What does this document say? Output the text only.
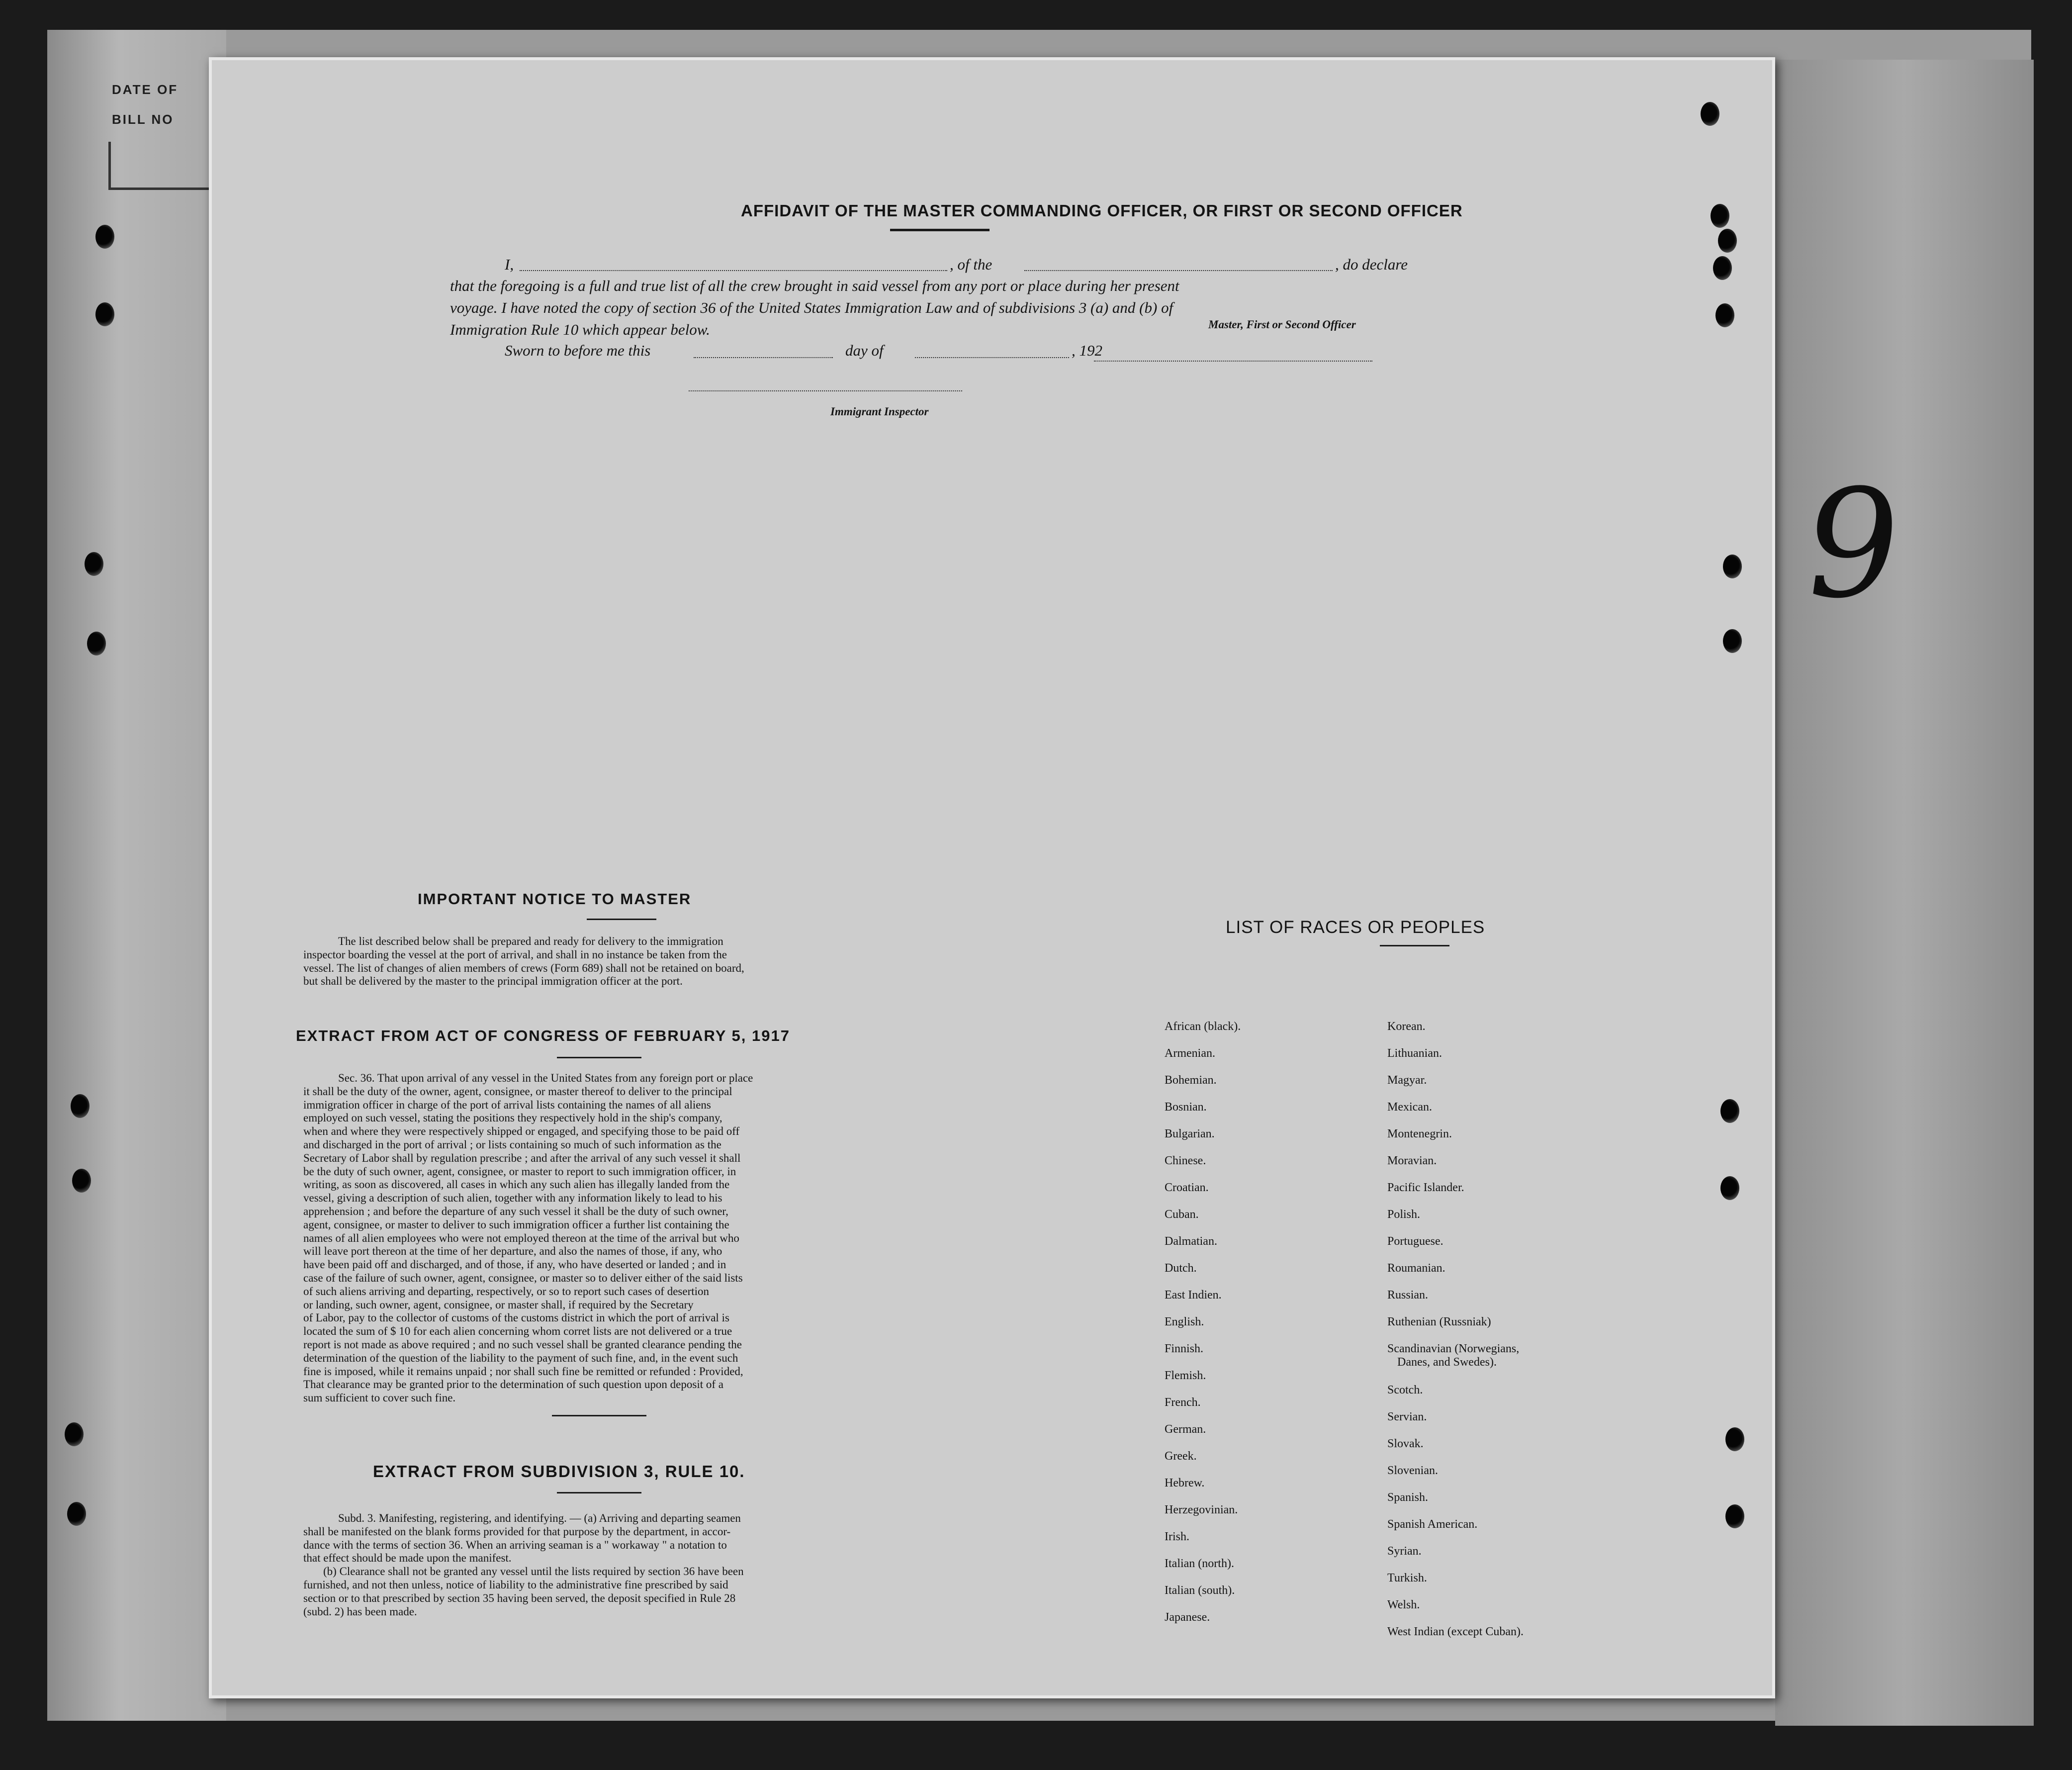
DATE OF
BILL NO
AFFIDAVIT OF THE MASTER COMMANDING OFFICER, OR FIRST OR SECOND OFFICER
I,	, of the	, do declare
that the foregoing is a full and true list of all the crew brought in said vessel from any port or place during her present
voyage. I have noted the copy of section 36 of the United States Immigration Law and of subdivisions 3 (a) and (b) of
Immigration Rule 10 which appear below.	Master, First or Second Officer
Sworn to before me this	day of	, 192
Immigrant Inspector
IMPORTANT NOTICE TO MASTER
The list described below shall be prepared and ready for delivery to the immigration
inspector boarding the vessel at the port of arrival, and shall in no instance be taken from the
vessel. The list of changes of alien members of crews (Form 689) shall not be retained on board,
but shall be delivered by the master to the principal immigration officer at the port.
EXTRACT FROM ACT OF CONGRESS OF FEBRUARY 5, 1917
Sec. 36. That upon arrival of any vessel in the United States from any foreign port or place
it shall be the duty of the owner, agent, consignee, or master thereof to deliver to the principal
immigration officer in charge of the port of arrival lists containing the names of all aliens
employed on such vessel, stating the positions they respectively hold in the ship's company,
when and where they were respectively shipped or engaged, and specifying those to be paid off
and discharged in the port of arrival ; or lists containing so much of such information as the
Secretary of Labor shall by regulation prescribe ; and after the arrival of any such vessel it shall
be the duty of such owner, agent, consignee, or master to report to such immigration officer, in
writing, as soon as discovered, all cases in which any such alien has illegally landed from the
vessel, giving a description of such alien, together with any information likely to lead to his
apprehension ; and before the departure of any such vessel it shall be the duty of such owner,
agent, consignee, or master to deliver to such immigration officer a further list containing the
names of all alien employees who were not employed thereon at the time of the arrival but who
will leave port thereon at the time of her departure, and also the names of those, if any, who
have been paid off and discharged, and of those, if any, who have deserted or landed ; and in
case of the failure of such owner, agent, consignee, or master so to deliver either of the said lists
of such aliens arriving and departing, respectively, or so to report such cases of desertion
or landing, such owner, agent, consignee, or master shall, if required by the Secretary
of Labor, pay to the collector of customs of the customs district in which the port of arrival is
located the sum of $ 10 for each alien concerning whom corret lists are not delivered or a true
report is not made as above required ; and no such vessel shall be granted clearance pending the
determination of the question of the liability to the payment of such fine, and, in the event such
fine is imposed, while it remains unpaid ; nor shall such fine be remitted or refunded : Provided,
That clearance may be granted prior to the determination of such question upon deposit of a
sum sufficient to cover such fine.
EXTRACT FROM SUBDIVISION 3, RULE 10.
Subd. 3. Manifesting, registering, and identifying. — (a) Arriving and departing seamen
shall be manifested on the blank forms provided for that purpose by the department, in accor-
dance with the terms of section 36. When an arriving seaman is a " workaway " a notation to
that effect should be made upon the manifest.
(b) Clearance shall not be granted any vessel until the lists required by section 36 have been
furnished, and not then unless, notice of liability to the administrative fine prescribed by said
section or to that prescribed by section 35 having been served, the deposit specified in Rule 28
(subd. 2) has been made.
LIST OF RACES OR PEOPLES
African (black).
Armenian.
Bohemian.
Bosnian.
Bulgarian.
Chinese.
Croatian.
Cuban.
Dalmatian.
Dutch.
East Indien.
English.
Finnish.
Flemish.
French.
German.
Greek.
Hebrew.
Herzegovinian.
Irish.
Italian (north).
Italian (south).
Japanese.
Korean.
Lithuanian.
Magyar.
Mexican.
Montenegrin.
Moravian.
Pacific Islander.
Polish.
Portuguese.
Roumanian.
Russian.
Ruthenian (Russniak)
Scandinavian (Norwegians,
Danes, and Swedes).
Scotch.
Servian.
Slovak.
Slovenian.
Spanish.
Spanish American.
Syrian.
Turkish.
Welsh.
West Indian (except Cuban).
9
